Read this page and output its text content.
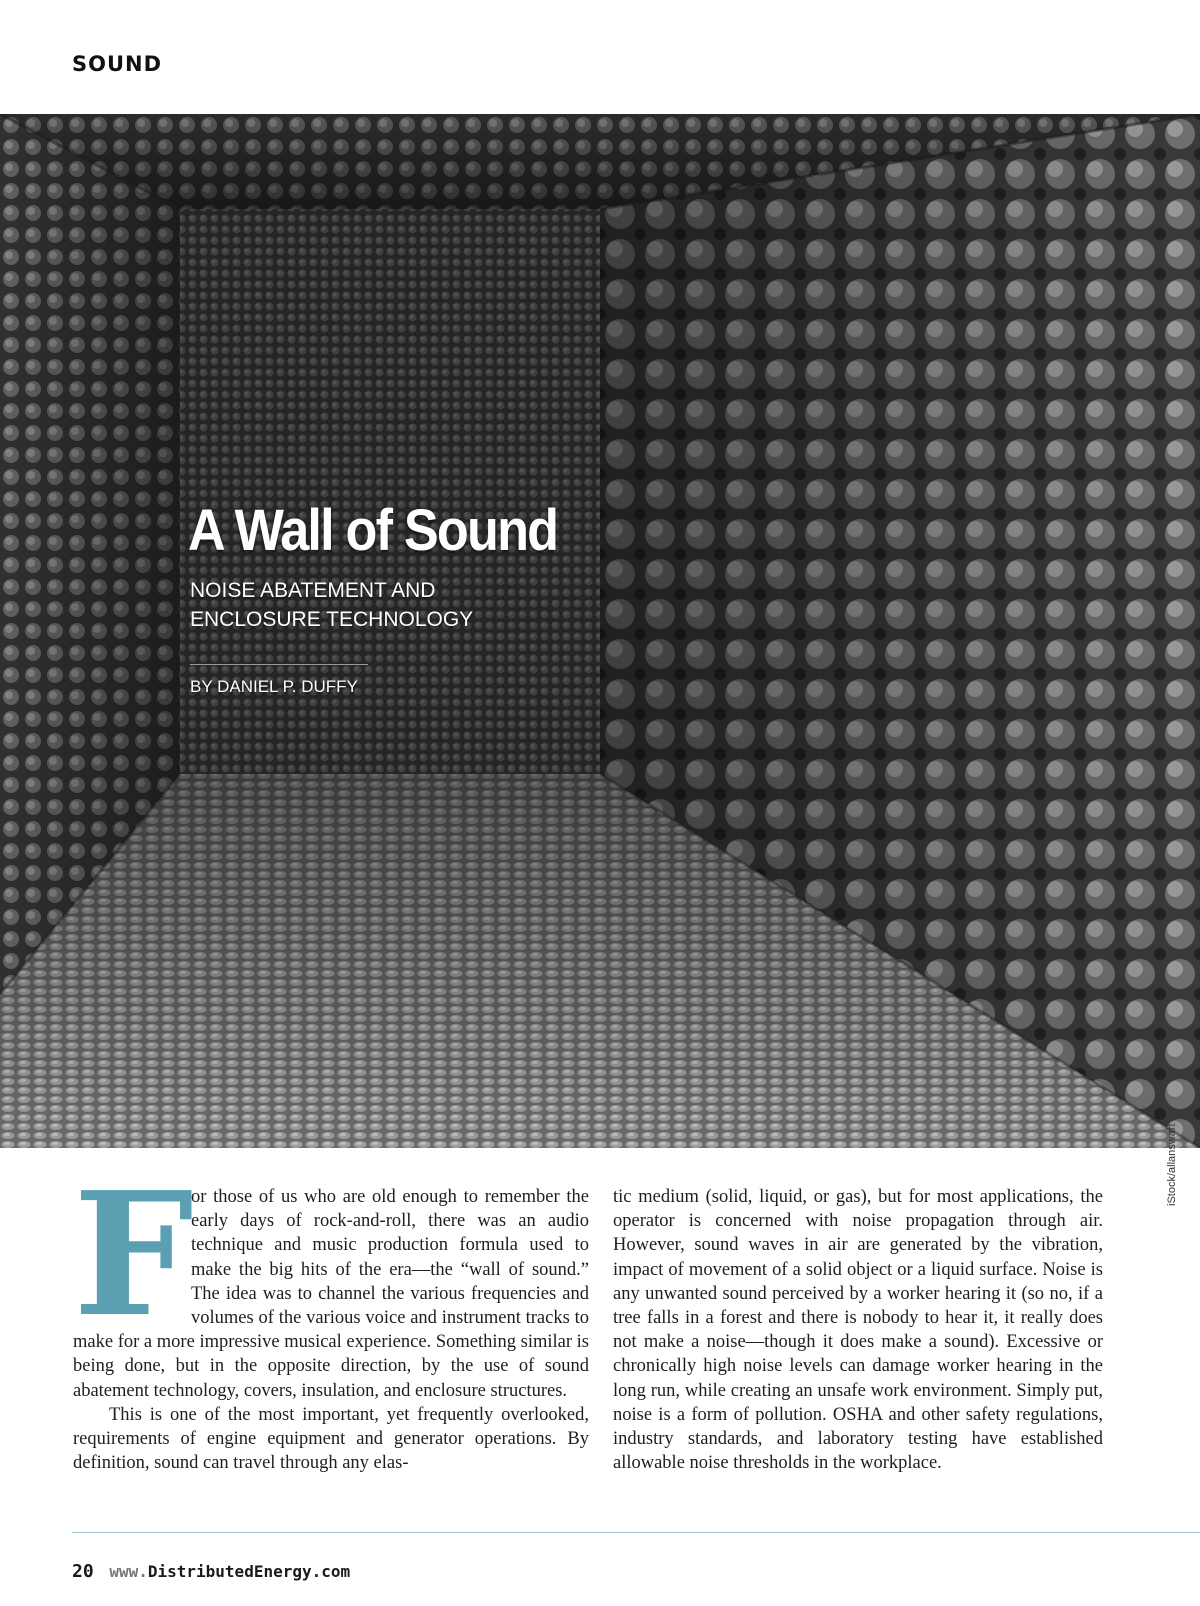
SOUND
A Wall of Sound
NOISE ABATEMENT AND ENCLOSURE TECHNOLOGY
BY DANIEL P. DUFFY
iStock/allanswart

F
or those of us who are old enough to remember the early days of rock-and-roll, there was an audio technique and music production formula used to make the big hits of the era—the “wall of sound.” The idea was to channel the various frequencies and volumes of the various voice and instrument tracks to make for a more impressive musical experience. Something similar is being done, but in the opposite direction, by the use of sound abatement technology, covers, insulation, and enclosure structures.

This is one of the most important, yet frequently overlooked, requirements of engine equipment and generator operations. By definition, sound can travel through any elas-

tic medium (solid, liquid, or gas), but for most applications, the operator is concerned with noise propagation through air. However, sound waves in air are generated by the vibration, impact of movement of a solid object or a liquid surface. Noise is any unwanted sound perceived by a worker hearing it (so no, if a tree falls in a forest and there is nobody to hear it, it really does not make a noise—though it does make a sound). Excessive or chronically high noise levels can damage worker hearing in the long run, while creating an unsafe work environment. Simply put, noise is a form of pollution. OSHA and other safety regulations, industry standards, and laboratory testing have established allowable noise thresholds in the workplace.

20 www.DistributedEnergy.com
